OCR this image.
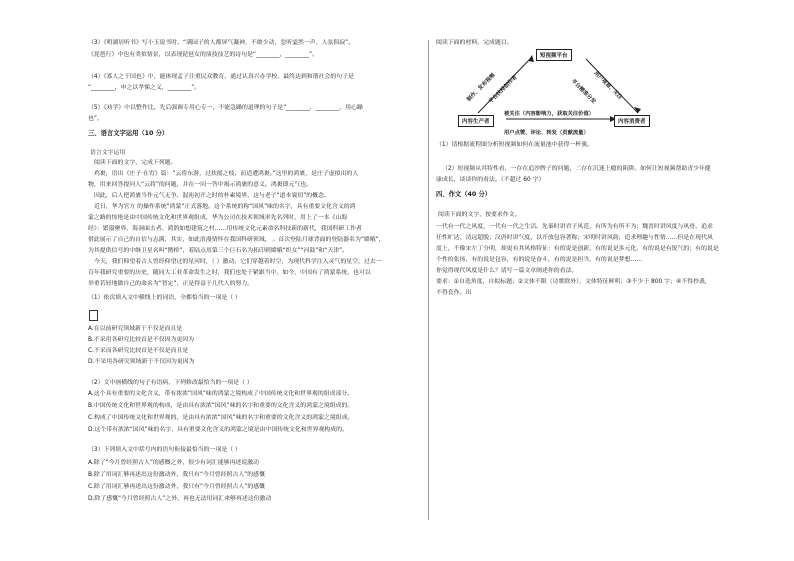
（3）《明湖居听书》写小玉说书时，“满园子的人都屏气凝神，不敢少动，忽听霎然一声，人弦俱寂”。
《琵琶行》中也有类似情景，以表现琵琶女的演技技艺的诗句是“________，________”。
（4）《寡人之于国也》中，能体现孟子注重民众教育，通过认真兴办学校，最终达到和谐社会的句子是
“________，申之以孝悌之义，________”。
（5）《劝学》中以整作比，先后强调专用心专一，不能急躁的道理的句子是“________，________，用心躁
也”。
三、语言文字运用（10 分）
语言文字运用
阅读下面的文字，完成下列题。
鸡裹，语出《庄子·在宥》篇：“云将东游，过扶摇之枝，而适遭鸿裹。”这里的鸿裹，是庄子虚拟出的人
物，用来回答提问人“云将”的问题，并在一问一答中揭示鸿裹的意义。鸿裹即元气也。
因此，后人把鸿裹当作元气无争、混沌初开之时的朴素境界，这与老子“道本寰切”的概念，
近日，华为官方 的操作系统“鸿蒙”正式落地。这个系统的称“国风”味的名字，具有重要文化含义的鸿
蒙之路的惊艳是由中国传统文化和世界观组成，华为公司在技术领域率先名列时，用上了一本《山海
经》：繁嚣聚界、海洞面击者、鸿鹄如想建筑之村……用传统文化元素命名科技新的新代，我国科研工作者
借此展示了自己的自信与志满，其实，如此浪漫情怀在我国科研领域， 。首次登陆月球背面的登陆器名为“嫦娥”，
为其提供信号的中继卫星名叫“鹊桥”，着陆点用第三个巨石名为拓印到嫦娥“织女”“河鼓”和“天津”。
今天，我们仰望着古人曾经仰望过的星河时，（ ）激动。它们穿越着时空，为现代科学注入灵气的星空，过去一
百年我研究重要的历史，随同大工业革命发生之时，我们也处于紧跟当中。如今，中国有了鸿蒙系统，也可以
举重若轻地做自己的命名为“智定”，正是得益于几代人的努力。
（1）依次填入文中横线上的词语，全都恰当的一项是（ ）
A.在以前研究领域新于不仅是而且是
B.不采用各研究比较首是不仅因为更因为
C.不采而各研究比较首是不仅是而且是
D.不采用各研究领域新于不仅因为更因为
（2）文中画横线的句子有语病，下列修改最恰当的一项是（ ）
A.这个具有重要的文化含义，带有浓浓“国风”味的鸿蒙之境构成了中国传统文化和世界观的组成部分。
B.中国传统文化和世界观的构成，是由具有浓浓“国风”味的名字和重要的文化含义的鸿蒙之境组成的。
C.构成了中国传统文化和世界观的，是由具有浓浓“国风”味的名字和重要的文化含义的鸿蒙之境组成。
D.这个带有浓浓“国风”味的名字，具有重要文化含义的鸿蒙之境是由中国传统文化和世界观构成的。
（3）下列填入文中括号内的语句衔接最恰当的一项是（ ）
A.除了“今月曾经照古人”的感慨之外，很少有词汇能够再述说激动
B.除了用词汇够再述出这份激动外，我只有“今月曾经照古人”的感慨
C.除了用词汇够再述出这份激动外，我只有“今月曾经照古人”的感慨
D.除了感慨“今月曾经照古人”之外，再也无法用词汇来够再述这份激动
阅读下面的材料，完成题目。
（1）请根据流程图分析短视频如何在流量池中获得一杯羹。
（2）短视频从其特性看，一存在追沙牌子的问题，二存在沉迷上瘾的陷阱。如何让短视频帮助青少年健
康成长，谈谈你的看法。（不超过 60 字）
四、作文（40 分）
阅读下面的文字，按要求作文。
一代有一代之风度，一代有一代之生活。先秦时讲君子风范，有所为有所不为；魏晋时讲风度与风骨，追求
任性旷达、清远超脱；汉唐时讲气度，以开放包容著称；宋明时讲风韵，追求理趣与性情……但是在现代风
度上，不像宋左丁分明，却更有其风格特征：有的说是创新，有的说是多元化，有的说是有锐气的；有的说是
个性的张扬，有的说是包容，有的说是奋斗，有的说是担当，有的说是梦想……
你觉得现代风度是什么？请写一篇文章阐述你的看法。
要求：①自选角度，自拟标题；②文体不限（诗歌除外），文体特征鲜明；③不少于 800 字；④不得抄袭，
不得套作。出
短视频平台
内容生产者	内容消费者
制作、发布视频
平台扶持创作者	用户观看、关注
平台精准分发
被关注（内容影响力，获取关注价值）
用户点赞、评论、转发（贡献流量）
